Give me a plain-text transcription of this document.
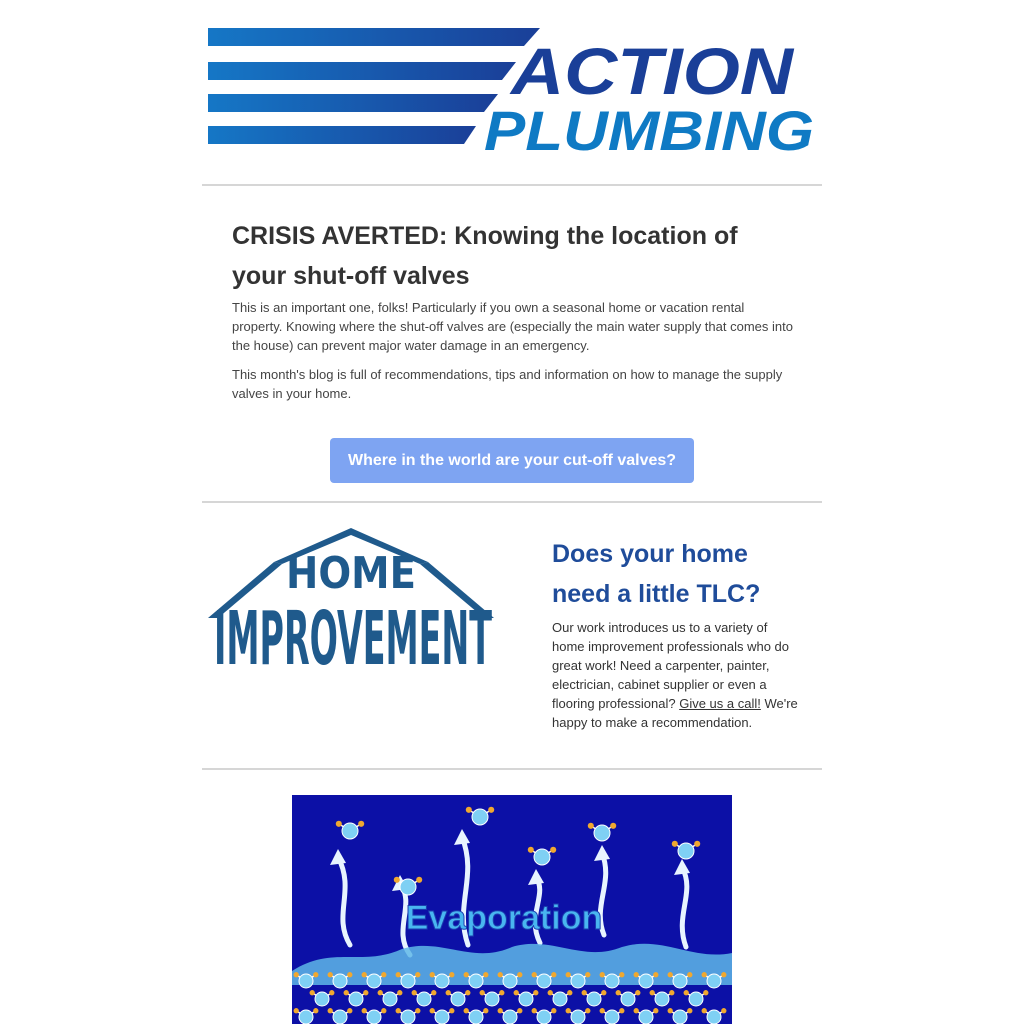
ACTION
PLUMBING
CRISIS AVERTED: Knowing the location of your shut-off valves

This is an important one, folks! Particularly if you own a seasonal home or vacation rental property. Knowing where the shut-off valves are (especially the main water supply that comes into the house) can prevent major water damage in an emergency.

This month's blog is full of recommendations, tips and information on how to manage the supply valves in your home.

Where in the world are your cut-off valves?
HOME
IMPROVEMENT
Does your home need a little TLC?

Our work introduces us to a variety of home improvement professionals who do great work! Need a carpenter, painter, electrician, cabinet supplier or even a flooring professional? Give us a call! We're happy to make a recommendation.

Evaporation
